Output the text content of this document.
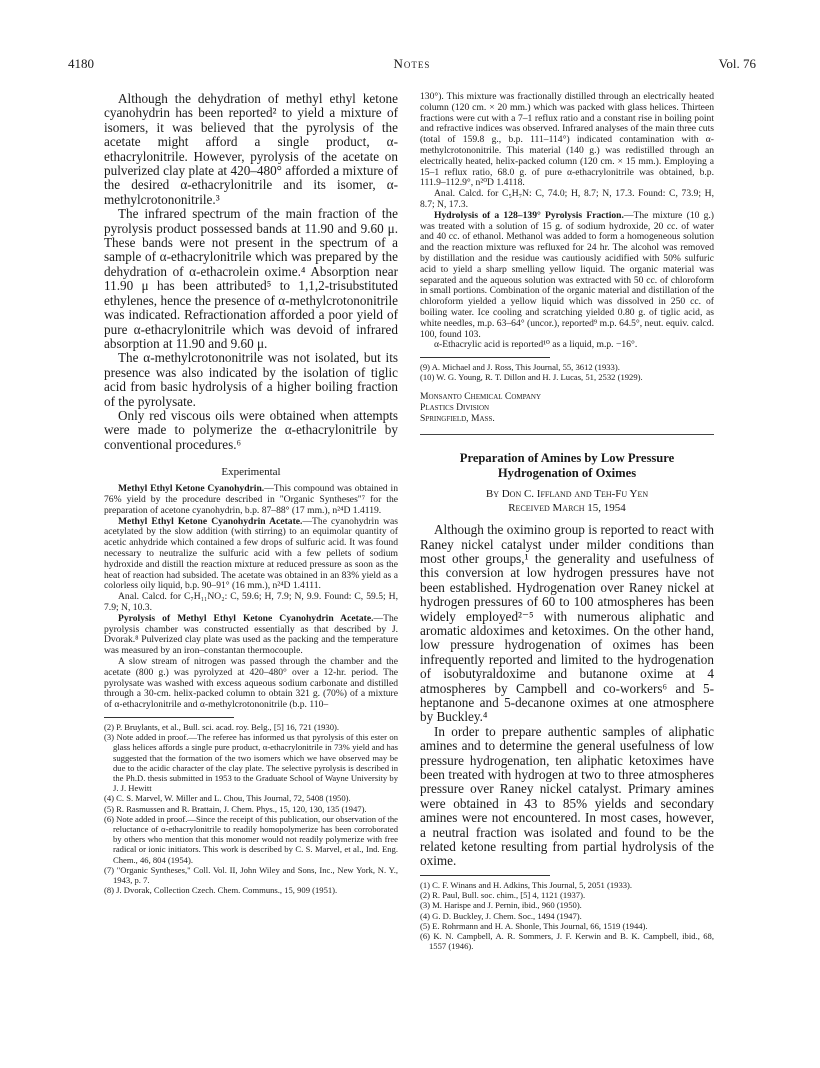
4180	Notes	Vol. 76

Although the dehydration of methyl ethyl ketone cyanohydrin has been reported² to yield a mixture of isomers, it was believed that the pyrolysis of the acetate might afford a single product, α-ethacrylonitrile. However, pyrolysis of the acetate on pulverized clay plate at 420–480° afforded a mixture of the desired α-ethacrylonitrile and its isomer, α-methylcrotononitrile.³

The infrared spectrum of the main fraction of the pyrolysis product possessed bands at 11.90 and 9.60 μ. These bands were not present in the spectrum of a sample of α-ethacrylonitrile which was prepared by the dehydration of α-ethacrolein oxime.⁴ Absorption near 11.90 μ has been attributed⁵ to 1,1,2-trisubstituted ethylenes, hence the presence of α-methylcrotononitrile was indicated. Refractionation afforded a poor yield of pure α-ethacrylonitrile which was devoid of infrared absorption at 11.90 and 9.60 μ.

The α-methylcrotononitrile was not isolated, but its presence was also indicated by the isolation of tiglic acid from basic hydrolysis of a higher boiling fraction of the pyrolysate.

Only red viscous oils were obtained when attempts were made to polymerize the α-ethacrylonitrile by conventional procedures.⁶

Experimental

Methyl Ethyl Ketone Cyanohydrin.—This compound was obtained in 76% yield by the procedure described in "Organic Syntheses"⁷ for the preparation of acetone cyanohydrin, b.p. 87–88° (17 mm.), n²⁴D 1.4119.

Methyl Ethyl Ketone Cyanohydrin Acetate.—The cyanohydrin was acetylated by the slow addition (with stirring) to an equimolar quantity of acetic anhydride which contained a few drops of sulfuric acid. It was found necessary to neutralize the sulfuric acid with a few pellets of sodium hydroxide and distill the reaction mixture at reduced pressure as soon as the heat of reaction had subsided. The acetate was obtained in an 83% yield as a colorless oily liquid, b.p. 90–91° (16 mm.), n²⁴D 1.4111.

Anal. Calcd. for C₇H₁₁NO₂: C, 59.6; H, 7.9; N, 9.9. Found: C, 59.5; H, 7.9; N, 10.3.

Pyrolysis of Methyl Ethyl Ketone Cyanohydrin Acetate.—The pyrolysis chamber was constructed essentially as that described by J. Dvorak.⁸ Pulverized clay plate was used as the packing and the temperature was measured by an iron–constantan thermocouple.

A slow stream of nitrogen was passed through the chamber and the acetate (800 g.) was pyrolyzed at 420–480° over a 12-hr. period. The pyrolysate was washed with excess aqueous sodium carbonate and distilled through a 30-cm. helix-packed column to obtain 321 g. (70%) of a mixture of α-ethacrylonitrile and α-methylcrotononitrile (b.p. 110–

(2) P. Bruylants, et al., Bull. sci. acad. roy. Belg., [5] 16, 721 (1930).

(3) Note added in proof.—The referee has informed us that pyrolysis of this ester on glass helices affords a single pure product, α-ethacrylonitrile in 73% yield and has suggested that the formation of the two isomers which we have observed may be due to the acidic character of the clay plate. The selective pyrolysis is described in the Ph.D. thesis submitted in 1953 to the Graduate School of Wayne University by J. J. Hewitt

(4) C. S. Marvel, W. Miller and L. Chou, This Journal, 72, 5408 (1950).

(5) R. Rasmussen and R. Brattain, J. Chem. Phys., 15, 120, 130, 135 (1947).

(6) Note added in proof.—Since the receipt of this publication, our observation of the reluctance of α-ethacrylonitrile to readily homopolymerize has been corroborated by others who mention that this monomer would not readily polymerize with free radical or ionic initiators. This work is described by C. S. Marvel, et al., Ind. Eng. Chem., 46, 804 (1954).

(7) "Organic Syntheses," Coll. Vol. II, John Wiley and Sons, Inc., New York, N. Y., 1943, p. 7.

(8) J. Dvorak, Collection Czech. Chem. Communs., 15, 909 (1951).

130°). This mixture was fractionally distilled through an electrically heated column (120 cm. × 20 mm.) which was packed with glass helices. Thirteen fractions were cut with a 7–1 reflux ratio and a constant rise in boiling point and refractive indices was observed. Infrared analyses of the main three cuts (total of 159.8 g., b.p. 111–114°) indicated contamination with α-methylcrotononitrile. This material (140 g.) was redistilled through an electrically heated, helix-packed column (120 cm. × 15 mm.). Employing a 15–1 reflux ratio, 68.0 g. of pure α-ethacrylonitrile was obtained, b.p. 111.9–112.9°, n²⁰D 1.4118.

Anal. Calcd. for C₅H₇N: C, 74.0; H, 8.7; N, 17.3. Found: C, 73.9; H, 8.7; N, 17.3.

Hydrolysis of a 128–139° Pyrolysis Fraction.—The mixture (10 g.) was treated with a solution of 15 g. of sodium hydroxide, 20 cc. of water and 40 cc. of ethanol. Methanol was added to form a homogeneous solution and the reaction mixture was refluxed for 24 hr. The alcohol was removed by distillation and the residue was cautiously acidified with 50% sulfuric acid to yield a sharp smelling yellow liquid. The organic material was separated and the aqueous solution was extracted with 50 cc. of chloroform in small portions. Combination of the organic material and distillation of the chloroform yielded a yellow liquid which was dissolved in 250 cc. of boiling water. Ice cooling and scratching yielded 0.80 g. of tiglic acid, as white needles, m.p. 63–64° (uncor.), reported⁹ m.p. 64.5°, neut. equiv. calcd. 100, found 103.

α-Ethacrylic acid is reported¹⁰ as a liquid, m.p. −16°.

(9) A. Michael and J. Ross, This Journal, 55, 3612 (1933).

(10) W. G. Young, R. T. Dillon and H. J. Lucas, 51, 2532 (1929).

Monsanto Chemical Company
Plastics Division
Springfield, Mass.
Preparation of Amines by Low Pressure Hydrogenation of Oximes
By Don C. Iffland and Teh-Fu Yen
Received March 15, 1954

Although the oximino group is reported to react with Raney nickel catalyst under milder conditions than most other groups,¹ the generality and usefulness of this conversion at low hydrogen pressures have not been established. Hydrogenation over Raney nickel at hydrogen pressures of 60 to 100 atmospheres has been widely employed²⁻⁵ with numerous aliphatic and aromatic aldoximes and ketoximes. On the other hand, low pressure hydrogenation of oximes has been infrequently reported and limited to the hydrogenation of isobutyraldoxime and butanone oxime at 4 atmospheres by Campbell and co-workers⁶ and 5-heptanone and 5-decanone oximes at one atmosphere by Buckley.⁴

In order to prepare authentic samples of aliphatic amines and to determine the general usefulness of low pressure hydrogenation, ten aliphatic ketoximes have been treated with hydrogen at two to three atmospheres pressure over Raney nickel catalyst. Primary amines were obtained in 43 to 85% yields and secondary amines were not encountered. In most cases, however, a neutral fraction was isolated and found to be the related ketone resulting from partial hydrolysis of the oxime.

(1) C. F. Winans and H. Adkins, This Journal, 5, 2051 (1933).

(2) R. Paul, Bull. soc. chim., [5] 4, 1121 (1937).

(3) M. Harispe and J. Pernin, ibid., 960 (1950).

(4) G. D. Buckley, J. Chem. Soc., 1494 (1947).

(5) E. Rohrmann and H. A. Shonle, This Journal, 66, 1519 (1944).

(6) K. N. Campbell, A. R. Sommers, J. F. Kerwin and B. K. Campbell, ibid., 68, 1557 (1946).
